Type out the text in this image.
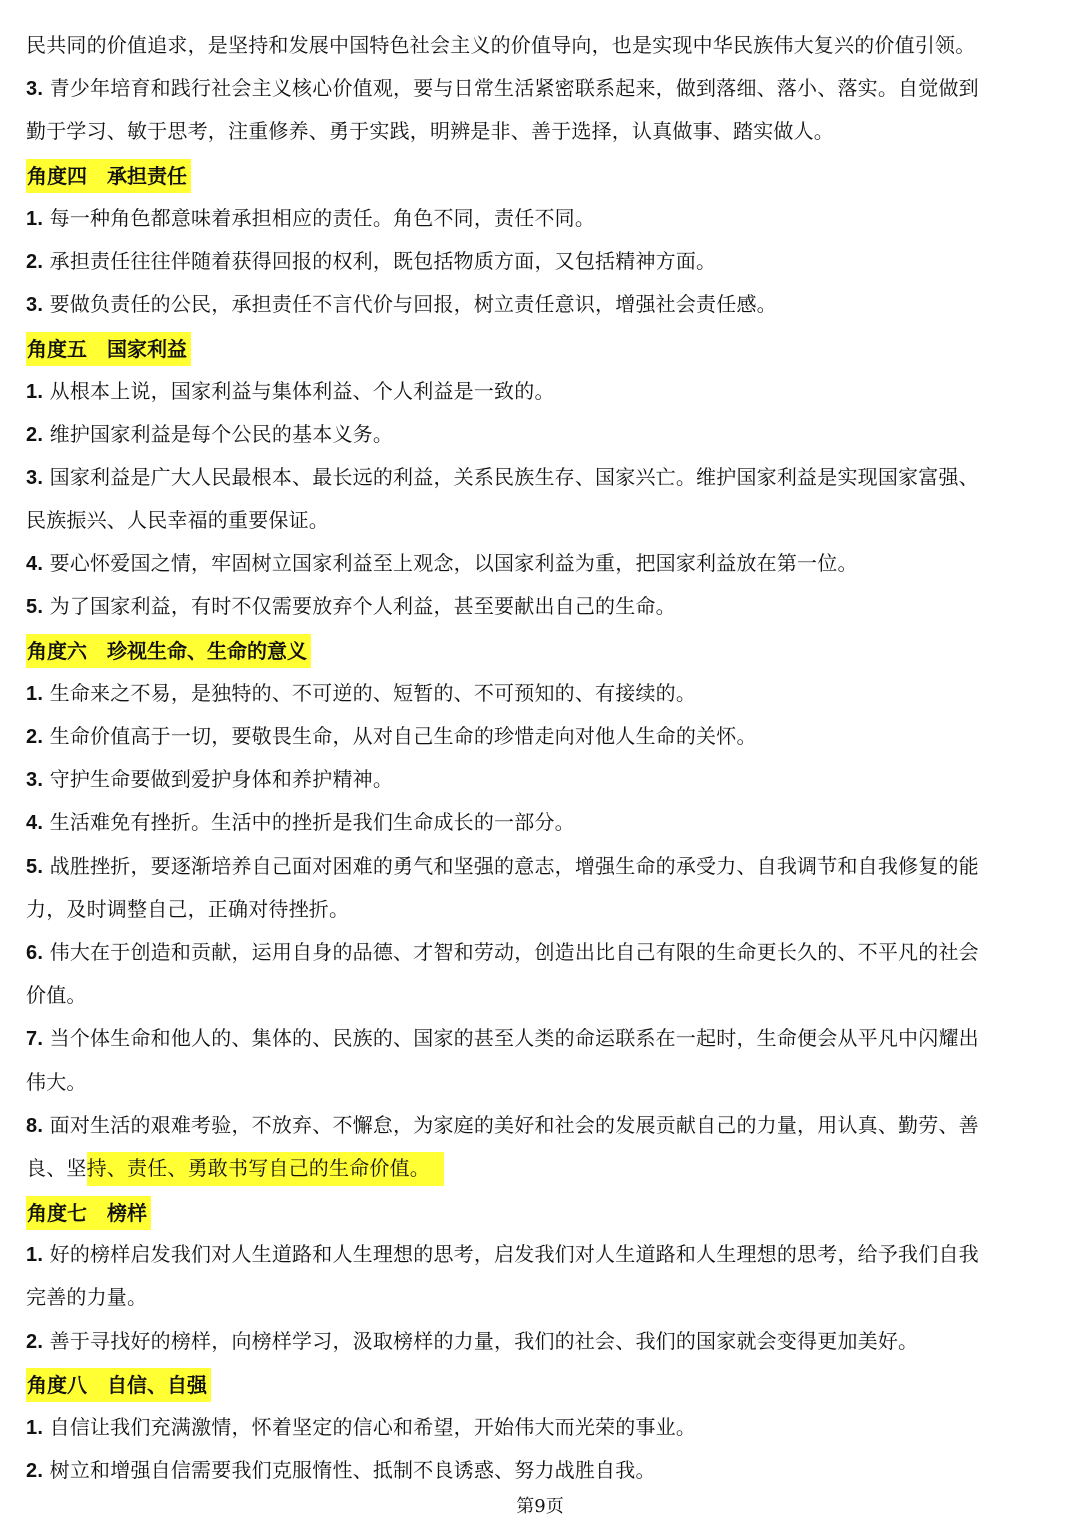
民共同的价值追求，是坚持和发展中国特色社会主义的价值导向，也是实现中华民族伟大复兴的价值引领。
3. 青少年培育和践行社会主义核心价值观，要与日常生活紧密联系起来，做到落细、落小、落实。自觉做到
勤于学习、敏于思考，注重修养、勇于实践，明辨是非、善于选择，认真做事、踏实做人。
角度四　承担责任
1. 每一种角色都意味着承担相应的责任。角色不同，责任不同。
2. 承担责任往往伴随着获得回报的权利，既包括物质方面，又包括精神方面。
3. 要做负责任的公民，承担责任不言代价与回报，树立责任意识，增强社会责任感。
角度五　国家利益
1. 从根本上说，国家利益与集体利益、个人利益是一致的。
2. 维护国家利益是每个公民的基本义务。
3. 国家利益是广大人民最根本、最长远的利益，关系民族生存、国家兴亡。维护国家利益是实现国家富强、
民族振兴、人民幸福的重要保证。
4. 要心怀爱国之情，牢固树立国家利益至上观念，以国家利益为重，把国家利益放在第一位。
5. 为了国家利益，有时不仅需要放弃个人利益，甚至要献出自己的生命。
角度六　珍视生命、生命的意义
1. 生命来之不易，是独特的、不可逆的、短暂的、不可预知的、有接续的。
2. 生命价值高于一切，要敬畏生命，从对自己生命的珍惜走向对他人生命的关怀。
3. 守护生命要做到爱护身体和养护精神。
4. 生活难免有挫折。生活中的挫折是我们生命成长的一部分。
5. 战胜挫折，要逐渐培养自己面对困难的勇气和坚强的意志，增强生命的承受力、自我调节和自我修复的能
力，及时调整自己，正确对待挫折。
6. 伟大在于创造和贡献，运用自身的品德、才智和劳动，创造出比自己有限的生命更长久的、不平凡的社会
价值。
7. 当个体生命和他人的、集体的、民族的、国家的甚至人类的命运联系在一起时，生命便会从平凡中闪耀出
伟大。
8. 面对生活的艰难考验，不放弃、不懈怠，为家庭的美好和社会的发展贡献自己的力量，用认真、勤劳、善
良、坚持、责任、勇敢书写自己的生命价值。
角度七　榜样
1. 好的榜样启发我们对人生道路和人生理想的思考，启发我们对人生道路和人生理想的思考，给予我们自我
完善的力量。
2. 善于寻找好的榜样，向榜样学习，汲取榜样的力量，我们的社会、我们的国家就会变得更加美好。
角度八　自信、自强
1. 自信让我们充满激情，怀着坚定的信心和希望，开始伟大而光荣的事业。
2. 树立和增强自信需要我们克服惰性、抵制不良诱惑、努力战胜自我。
第9页
